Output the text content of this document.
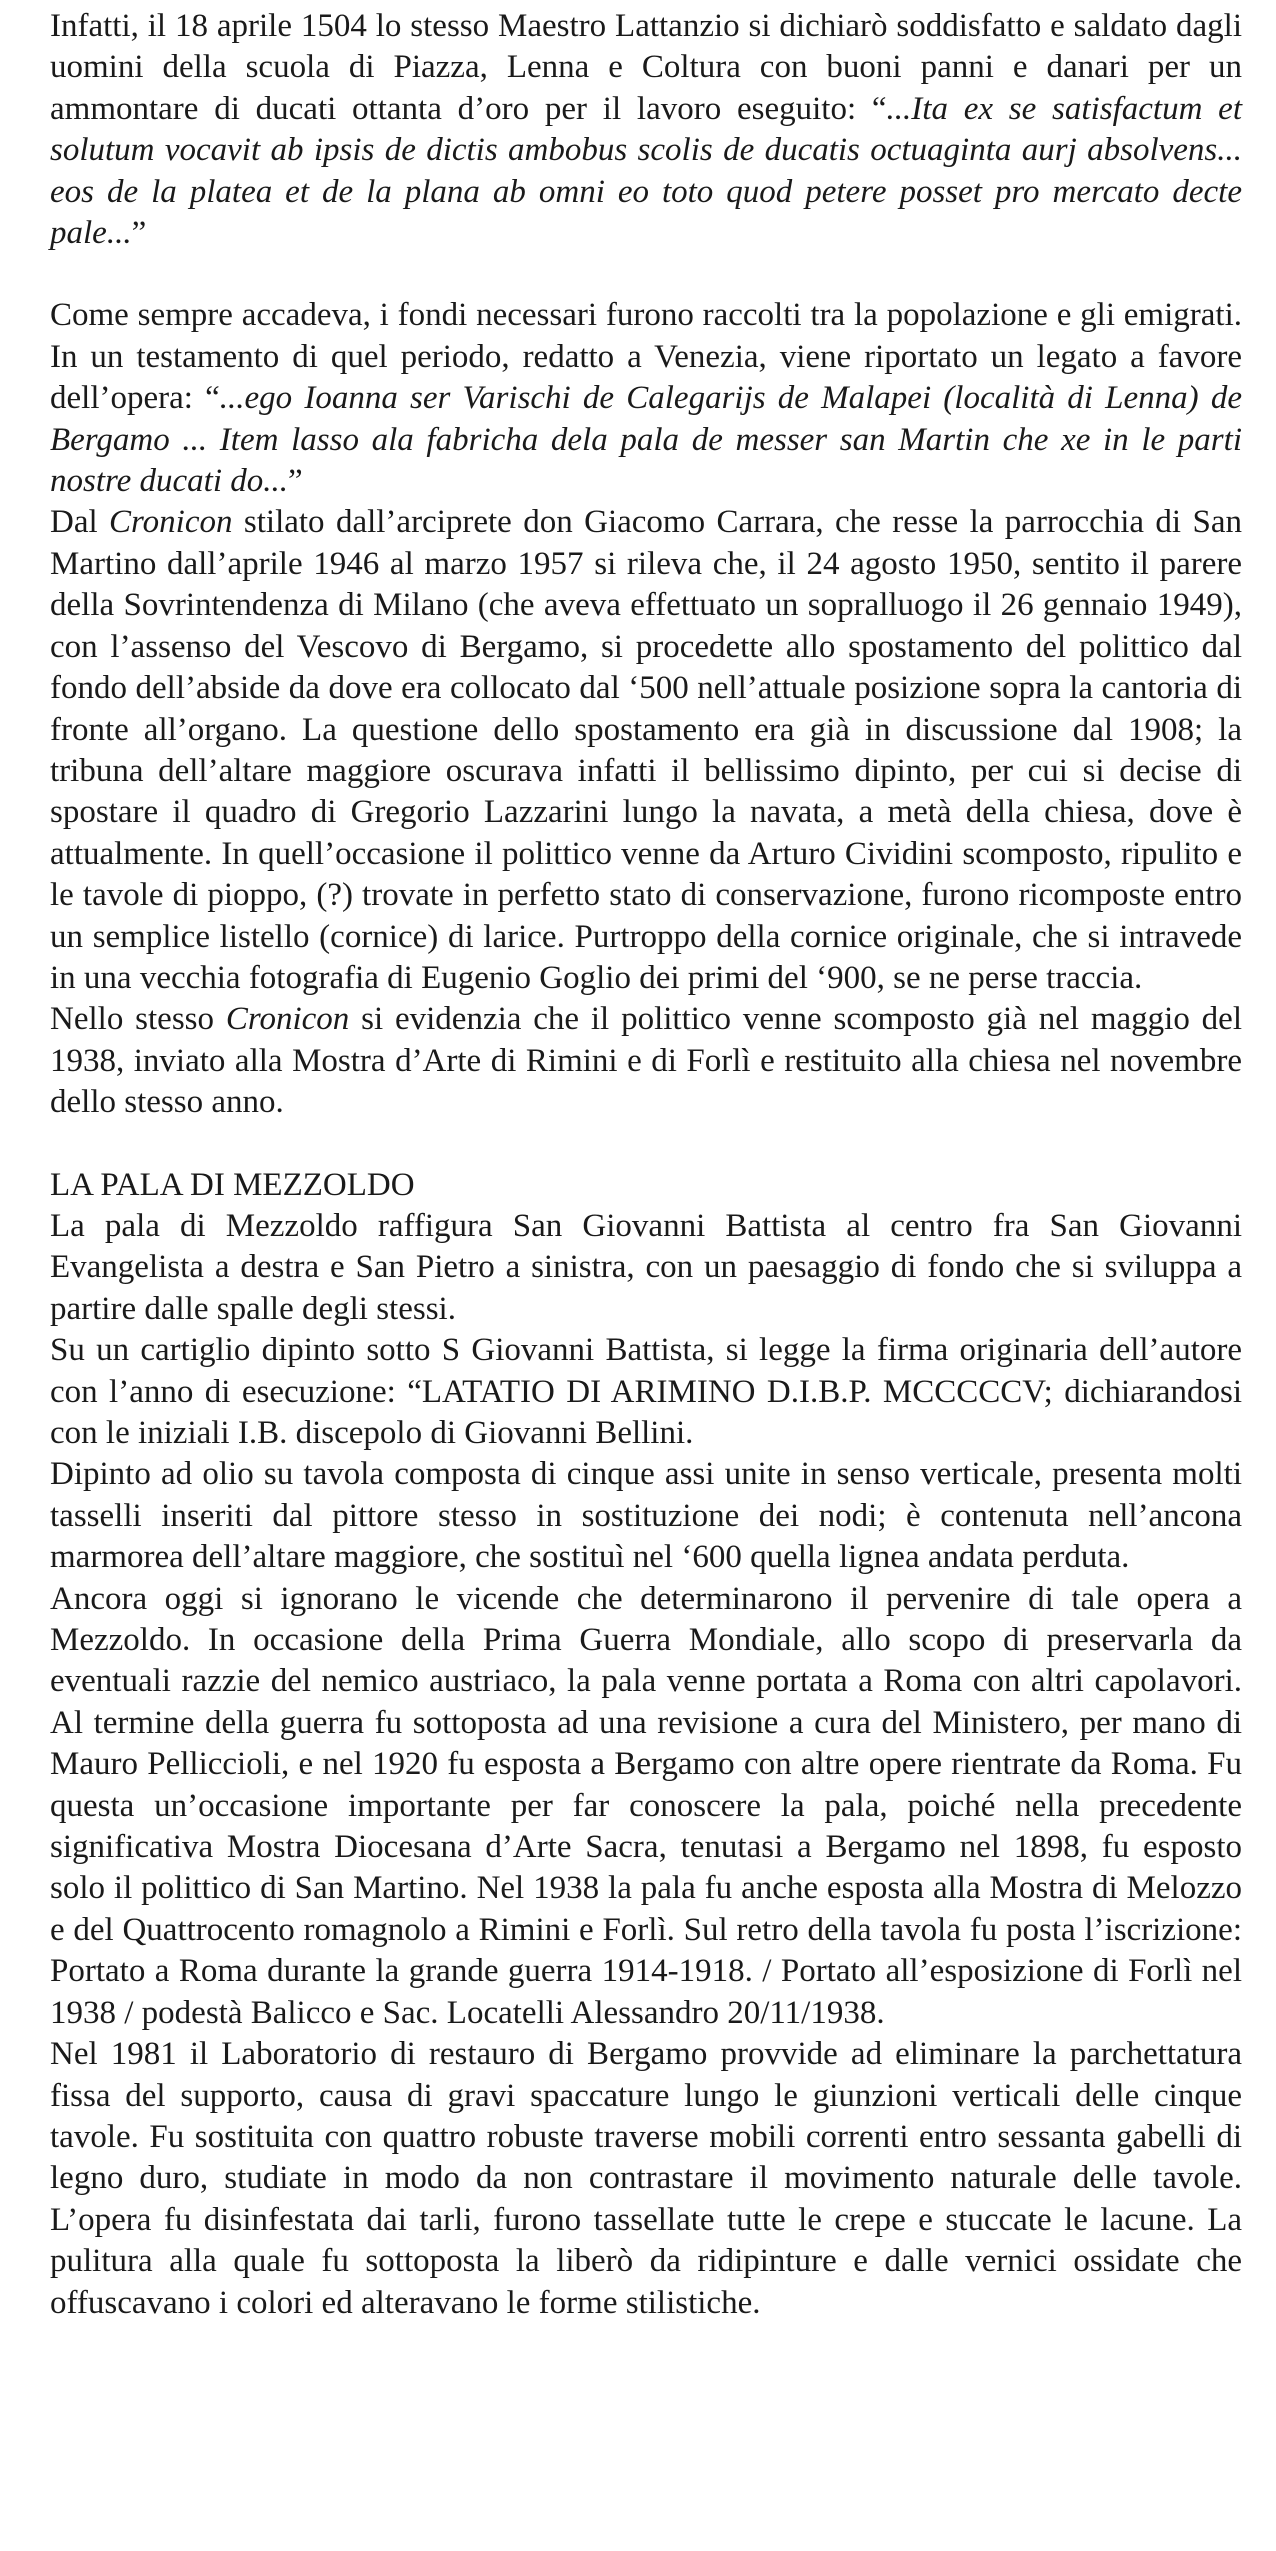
Infatti, il 18 aprile 1504 lo stesso Maestro Lattanzio si dichiarò soddisfatto e saldato dagli uomini della scuola di Piazza, Lenna e Coltura con buoni panni e danari per un ammontare di ducati ottanta d’oro per il lavoro eseguito: “...Ita ex se satisfactum et solutum vocavit ab ipsis de dictis ambobus scolis de ducatis octuaginta aurj absolvens... eos de la platea et de la plana ab omni eo toto quod petere posset pro mercato decte pale...”

Come sempre accadeva, i fondi necessari furono raccolti tra la popolazione e gli emigrati. In un testamento di quel periodo, redatto a Venezia, viene riportato un legato a favore dell’opera: “...ego Ioanna ser Varischi de Calegarijs de Malapei (località di Lenna) de Bergamo ... Item lasso ala fabricha dela pala de messer san Martin che xe in le parti nostre ducati do...”

Dal Cronicon stilato dall’arciprete don Giacomo Carrara, che resse la parrocchia di San Martino dall’aprile 1946 al marzo 1957 si rileva che, il 24 agosto 1950, sentito il parere della Sovrintendenza di Milano (che aveva effettuato un sopralluogo il 26 gennaio 1949), con l’assenso del Vescovo di Bergamo, si procedette allo spostamento del polittico dal fondo dell’abside da dove era collocato dal ‘500 nell’attuale posizione sopra la cantoria di fronte all’organo. La questione dello spostamento era già in discussione dal 1908; la tribuna dell’altare maggiore oscurava infatti il bellissimo dipinto, per cui si decise di spostare il quadro di Gregorio Lazzarini lungo la navata, a metà della chiesa, dove è attualmente. In quell’occasione il polittico venne da Arturo Cividini scomposto, ripulito e le tavole di pioppo, (?) trovate in perfetto stato di conservazione, furono ricomposte entro un semplice listello (cornice) di larice. Purtroppo della cornice originale, che si intravede in una vecchia fotografia di Eugenio Goglio dei primi del ‘900, se ne perse traccia.

Nello stesso Cronicon si evidenzia che il polittico venne scomposto già nel maggio del 1938, inviato alla Mostra d’Arte di Rimini e di Forlì e restituito alla chiesa nel novembre dello stesso anno.

LA PALA DI MEZZOLDO

La pala di Mezzoldo raffigura San Giovanni Battista al centro fra San Giovanni Evangelista a destra e San Pietro a sinistra, con un paesaggio di fondo che si sviluppa a partire dalle spalle degli stessi.

Su un cartiglio dipinto sotto S Giovanni Battista, si legge la firma originaria dell’autore con l’anno di esecuzione: “LATATIO DI ARIMINO D.I.B.P. MCCCCCV; dichiarandosi con le iniziali I.B. discepolo di Giovanni Bellini.

Dipinto ad olio su tavola composta di cinque assi unite in senso verticale, presenta molti tasselli inseriti dal pittore stesso in sostituzione dei nodi; è contenuta nell’ancona marmorea dell’altare maggiore, che sostituì nel ‘600 quella lignea andata perduta.

Ancora oggi si ignorano le vicende che determinarono il pervenire di tale opera a Mezzoldo. In occasione della Prima Guerra Mondiale, allo scopo di preservarla da eventuali razzie del nemico austriaco, la pala venne portata a Roma con altri capolavori. Al termine della guerra fu sottoposta ad una revisione a cura del Ministero, per mano di Mauro Pelliccioli, e nel 1920 fu esposta a Bergamo con altre opere rientrate da Roma. Fu questa un’occasione importante per far conoscere la pala, poiché nella precedente significativa Mostra Diocesana d’Arte Sacra, tenutasi a Bergamo nel 1898, fu esposto solo il polittico di San Martino. Nel 1938 la pala fu anche esposta alla Mostra di Melozzo e del Quattrocento romagnolo a Rimini e Forlì. Sul retro della tavola fu posta l’iscrizione: Portato a Roma durante la grande guerra 1914-1918. / Portato all’esposizione di Forlì nel 1938 / podestà Balicco e Sac. Locatelli Alessandro 20/11/1938.

Nel 1981 il Laboratorio di restauro di Bergamo provvide ad eliminare la parchettatura fissa del supporto, causa di gravi spaccature lungo le giunzioni verticali delle cinque tavole. Fu sostituita con quattro robuste traverse mobili correnti entro sessanta gabelli di legno duro, studiate in modo da non contrastare il movimento naturale delle tavole. L’opera fu disinfestata dai tarli, furono tassellate tutte le crepe e stuccate le lacune. La pulitura alla quale fu sottoposta la liberò da ridipinture e dalle vernici ossidate che offuscavano i colori ed alteravano le forme stilistiche.
